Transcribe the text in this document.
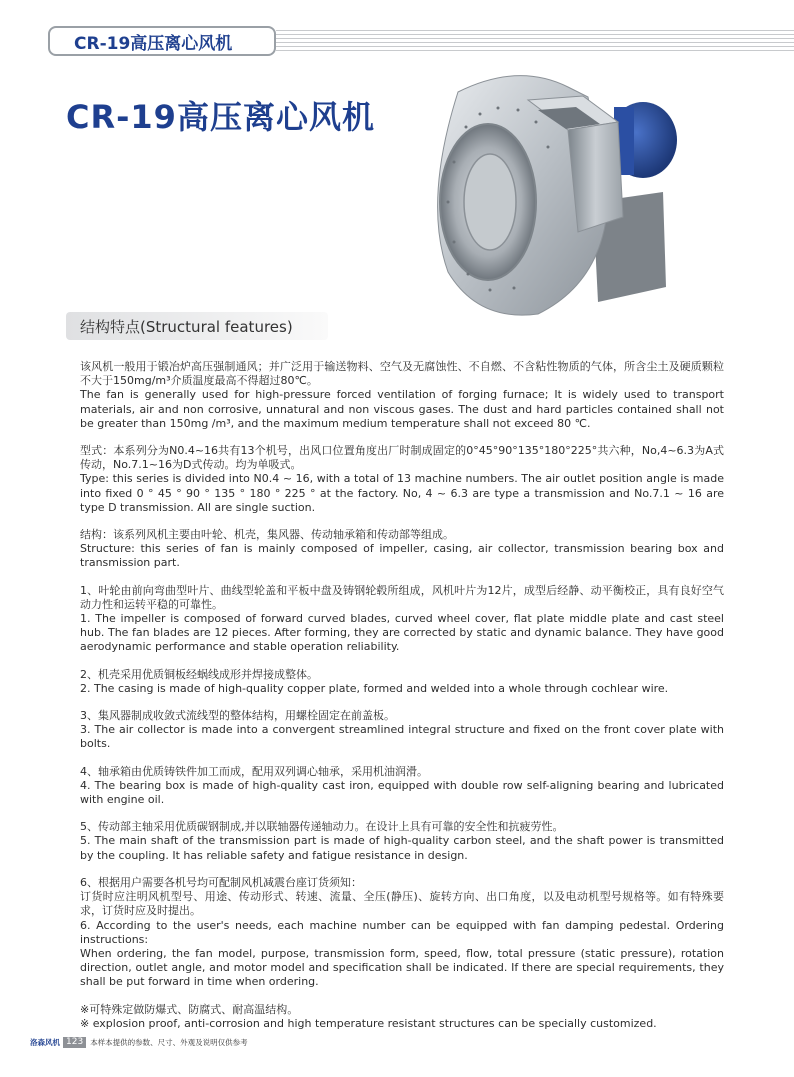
CR-19高压离心风机
CR-19高压离心风机
结构特点(Structural features)

该风机一般用于锻冶炉高压强制通风；并广泛用于输送物料、空气及无腐蚀性、不自燃、不含粘性物质的气体，所含尘土及硬质颗粒不大于150mg/m³介质温度最高不得超过80℃。

The fan is generally used for high-pressure forced ventilation of forging furnace; It is widely used to transport materials, air and non corrosive, unnatural and non viscous gases. The dust and hard particles contained shall not be greater than 150mg /m³, and the maximum medium temperature shall not exceed 80 ℃.

型式：本系列分为N0.4~16共有13个机号，出风口位置角度出厂时制成固定的0°45°90°135°180°225°共六种，No,4~6.3为A式传动，No.7.1~16为D式传动。均为单吸式。

Type: this series is divided into N0.4 ~ 16, with a total of 13 machine numbers. The air outlet position angle is made into fixed 0 ° 45 ° 90 ° 135 ° 180 ° 225 ° at the factory. No, 4 ~ 6.3 are type a transmission and No.7.1 ~ 16 are type D transmission. All are single suction.

结构：该系列风机主要由叶轮、机壳，集风器、传动轴承箱和传动部等组成。

Structure: this series of fan is mainly composed of impeller, casing, air collector, transmission bearing box and transmission part.

1、叶轮由前向弯曲型叶片、曲线型轮盖和平板中盘及铸钢轮毂所组成，风机叶片为12片，成型后经静、动平衡校正，具有良好空气动力性和运转平稳的可靠性。

1. The impeller is composed of forward curved blades, curved wheel cover, flat plate middle plate and cast steel hub. The fan blades are 12 pieces. After forming, they are corrected by static and dynamic balance. They have good aerodynamic performance and stable operation reliability.

2、机壳采用优质铜板经蜗线成形并焊接成整体。

2. The casing is made of high-quality copper plate, formed and welded into a whole through cochlear wire.

3、集风器制成收敛式流线型的整体结构，用螺栓固定在前盖板。

3. The air collector is made into a convergent streamlined integral structure and fixed on the front cover plate with bolts.

4、轴承箱由优质铸铁件加工而成，配用双列调心轴承，采用机油润滑。

4. The bearing box is made of high-quality cast iron, equipped with double row self-aligning bearing and lubricated with engine oil.

5、传动部主轴采用优质碳钢制成,并以联轴器传递轴动力。在设计上具有可靠的安全性和抗疲劳性。

5. The main shaft of the transmission part is made of high-quality carbon steel, and the shaft power is transmitted by the coupling. It has reliable safety and fatigue resistance in design.

6、根据用户需要各机号均可配制风机减震台座订货须知：

订货时应注明风机型号、用途、传动形式、转速、流量、全压(静压)、旋转方向、出口角度，以及电动机型号规格等。如有特殊要求，订货时应及时提出。

6. According to the user's needs, each machine number can be equipped with fan damping pedestal. Ordering instructions:

When ordering, the fan model, purpose, transmission form, speed, flow, total pressure (static pressure), rotation direction, outlet angle, and motor model and specification shall be indicated. If there are special requirements, they shall be put forward in time when ordering.

※可特殊定做防爆式、防腐式、耐高温结构。

※ explosion proof, anti-corrosion and high temperature resistant structures can be specially customized.

洛森风机 123 本样本提供的参数、尺寸、外观及说明仅供参考
